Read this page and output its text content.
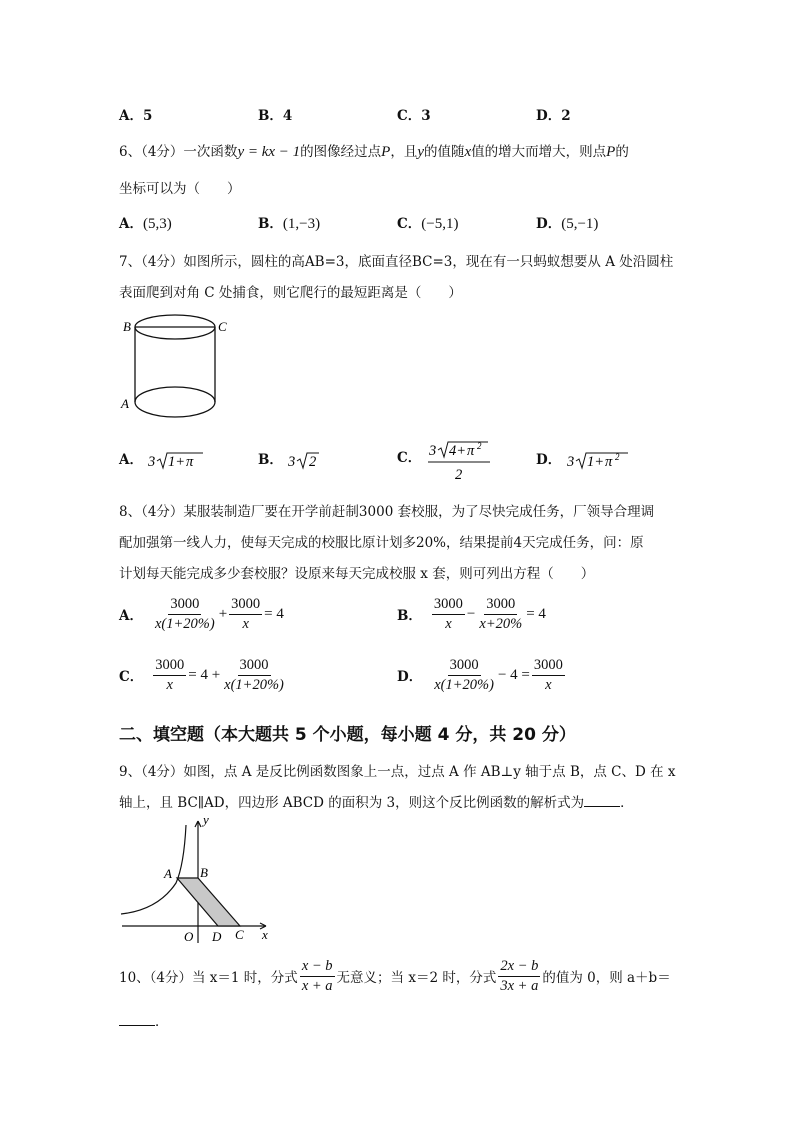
A．5	B．4	C．3	D．2
6、（4分）一次函数y = kx − 1的图像经过点P，且y的值随x值的增大而增大，则点P的
坐标可以为（　　）
A．(5,3)	B．(1,−3)	C．(−5,1)	D．(5,−1)
7、（4分）如图所示，圆柱的高AB=3，底面直径BC=3，现在有一只蚂蚁想要从 A 处沿圆柱
表面爬到对角 C 处捕食，则它爬行的最短距离是（　　）
B	C
A
A． 3 1+ π	B． 3 2	C． 3 4+ π 2
2
D． 3 1+ π 2
8、（4分）某服装制造厂要在开学前赶制3000 套校服，为了尽快完成任务，厂领导合理调
配加强第一线人力，使每天完成的校服比原计划多20%，结果提前4天完成任务，问：原
计划每天能完成多少套校服？设原来每天完成校服 x 套，则可列出方程（　　）
A． $\frac{3000}{x(1+20\%)} + \frac{3000}{x} = 4$	B． $\frac{3000}{x} - \frac{3000}{x+20\%} = 4$
C． $\frac{3000}{x} = 4 + \frac{3000}{x(1+20\%)}$	D． $\frac{3000}{x(1+20\%)} - 4 = \frac{3000}{x}$
二、填空题（本大题共 5 个小题，每小题 4 分，共 20 分）
9、（4分）如图，点 A 是反比例函数图象上一点，过点 A 作 AB⊥y 轴于点 B，点 C、D 在 x
轴上，且 BC∥AD，四边形 ABCD 的面积为 3，则这个反比例函数的解析式为	．
y
x
A B
O D C
10、（4分）当 x＝1 时，分式 $\frac{x - b}{x + a}$ 无意义；当 x＝2 时，分式 $\frac{2x - b}{3x + a}$ 的值为 0，则 a＋b＝
．
